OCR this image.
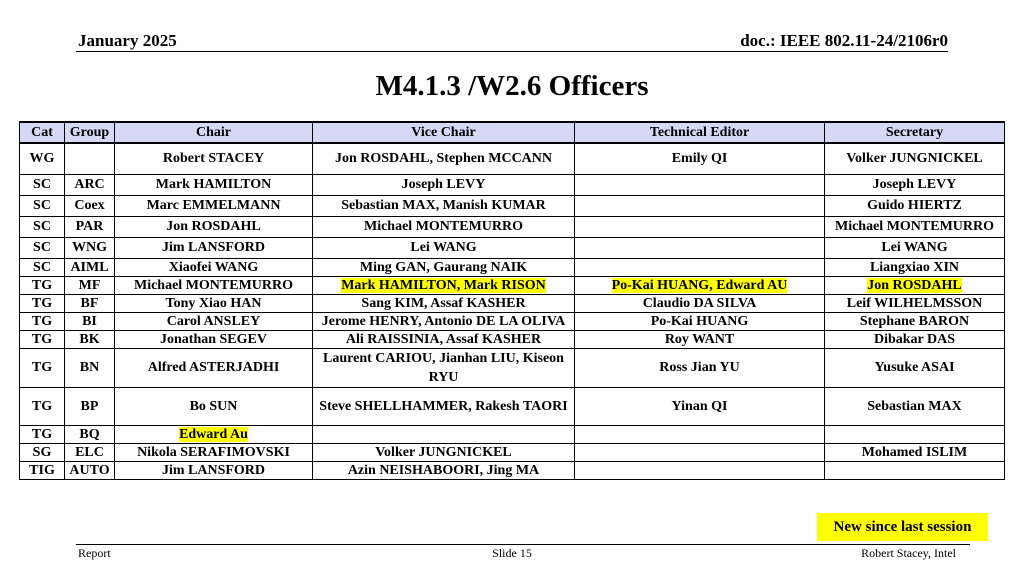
January 2025	doc.: IEEE 802.11-24/2106r0
M4.1.3 /W2.6 Officers
Cat	Group	Chair	Vice Chair	Technical Editor	Secretary
WG		Robert STACEY	Jon ROSDAHL, Stephen MCCANN	Emily QI	Volker JUNGNICKEL
SC	ARC	Mark HAMILTON	Joseph LEVY		Joseph LEVY
SC	Coex	Marc EMMELMANN	Sebastian MAX, Manish KUMAR		Guido HIERTZ
SC	PAR	Jon ROSDAHL	Michael MONTEMURRO		Michael MONTEMURRO
SC	WNG	Jim LANSFORD	Lei WANG		Lei WANG
SC	AIML	Xiaofei WANG	Ming GAN, Gaurang NAIK		Liangxiao XIN
TG	MF	Michael MONTEMURRO	Mark HAMILTON, Mark RISON	Po-Kai HUANG, Edward AU	Jon ROSDAHL
TG	BF	Tony Xiao HAN	Sang KIM, Assaf KASHER	Claudio DA SILVA	Leif WILHELMSSON
TG	BI	Carol ANSLEY	Jerome HENRY, Antonio DE LA OLIVA	Po-Kai HUANG	Stephane BARON
TG	BK	Jonathan SEGEV	Ali RAISSINIA, Assaf KASHER	Roy WANT	Dibakar DAS
TG	BN	Alfred ASTERJADHI	Laurent CARIOU, Jianhan LIU, Kiseon RYU	Ross Jian YU	Yusuke ASAI
TG	BP	Bo SUN	Steve SHELLHAMMER, Rakesh TAORI	Yinan QI	Sebastian MAX
TG	BQ	Edward Au			
SG	ELC	Nikola SERAFIMOVSKI	Volker JUNGNICKEL		Mohamed ISLIM
TIG	AUTO	Jim LANSFORD	Azin NEISHABOORI, Jing MA		
New since last session
Report	Slide 15	Robert Stacey, Intel
